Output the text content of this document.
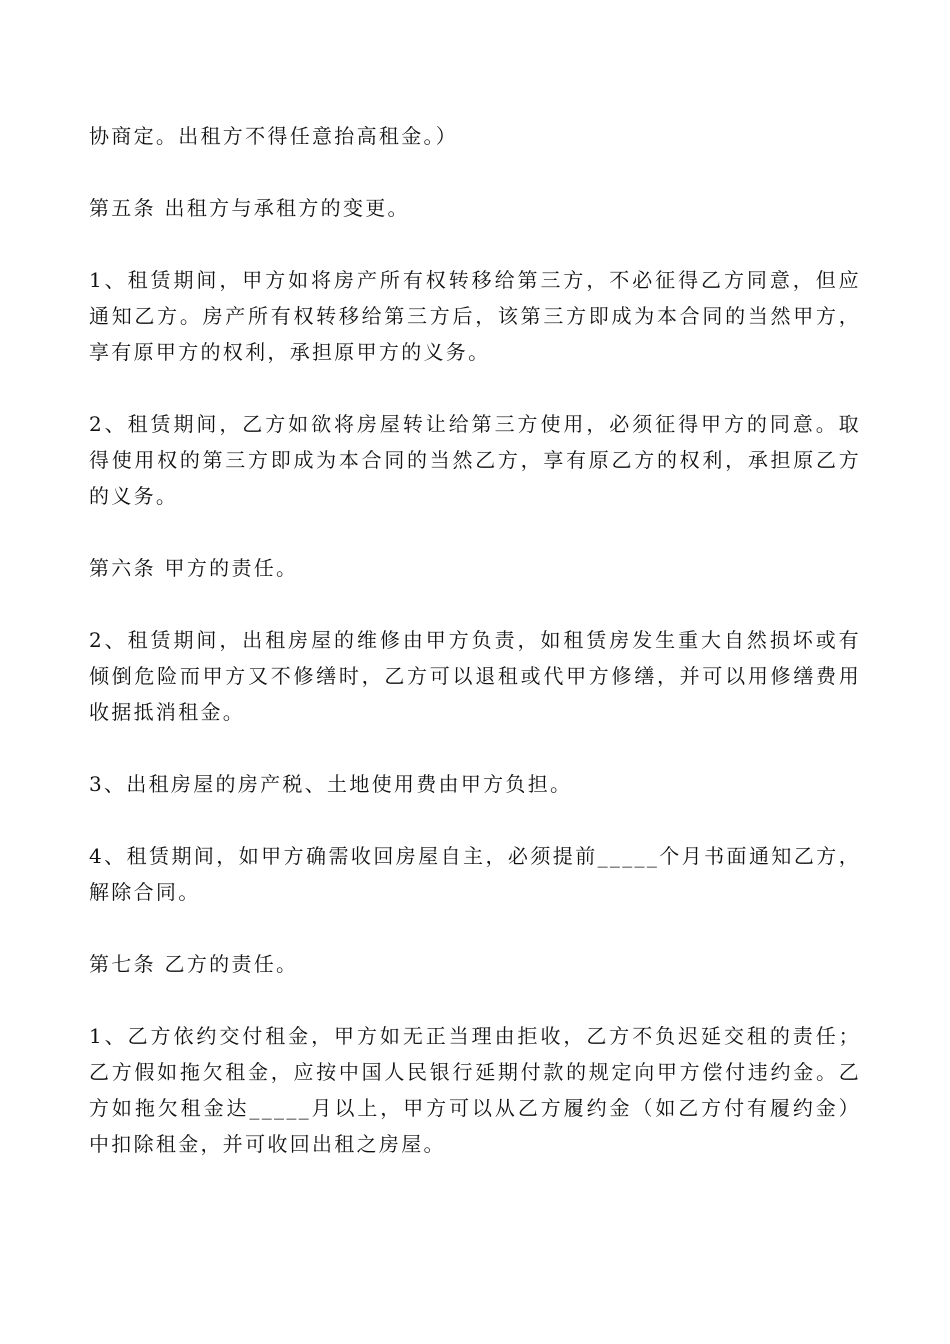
协商定。出租方不得任意抬高租金。）

第五条 出租方与承租方的变更。

1、租赁期间，甲方如将房产所有权转移给第三方，不必征得乙方同意，但应通知乙方。房产所有权转移给第三方后，该第三方即成为本合同的当然甲方，享有原甲方的权利，承担原甲方的义务。

2、租赁期间，乙方如欲将房屋转让给第三方使用，必须征得甲方的同意。取得使用权的第三方即成为本合同的当然乙方，享有原乙方的权利，承担原乙方的义务。

第六条 甲方的责任。

2、租赁期间，出租房屋的维修由甲方负责，如租赁房发生重大自然损坏或有倾倒危险而甲方又不修缮时，乙方可以退租或代甲方修缮，并可以用修缮费用收据抵消租金。

3、出租房屋的房产税、土地使用费由甲方负担。

4、租赁期间，如甲方确需收回房屋自主，必须提前_____个月书面通知乙方，解除合同。

第七条 乙方的责任。

1、乙方依约交付租金，甲方如无正当理由拒收，乙方不负迟延交租的责任；乙方假如拖欠租金，应按中国人民银行延期付款的规定向甲方偿付违约金。乙方如拖欠租金达_____月以上，甲方可以从乙方履约金（如乙方付有履约金）中扣除租金，并可收回出租之房屋。
